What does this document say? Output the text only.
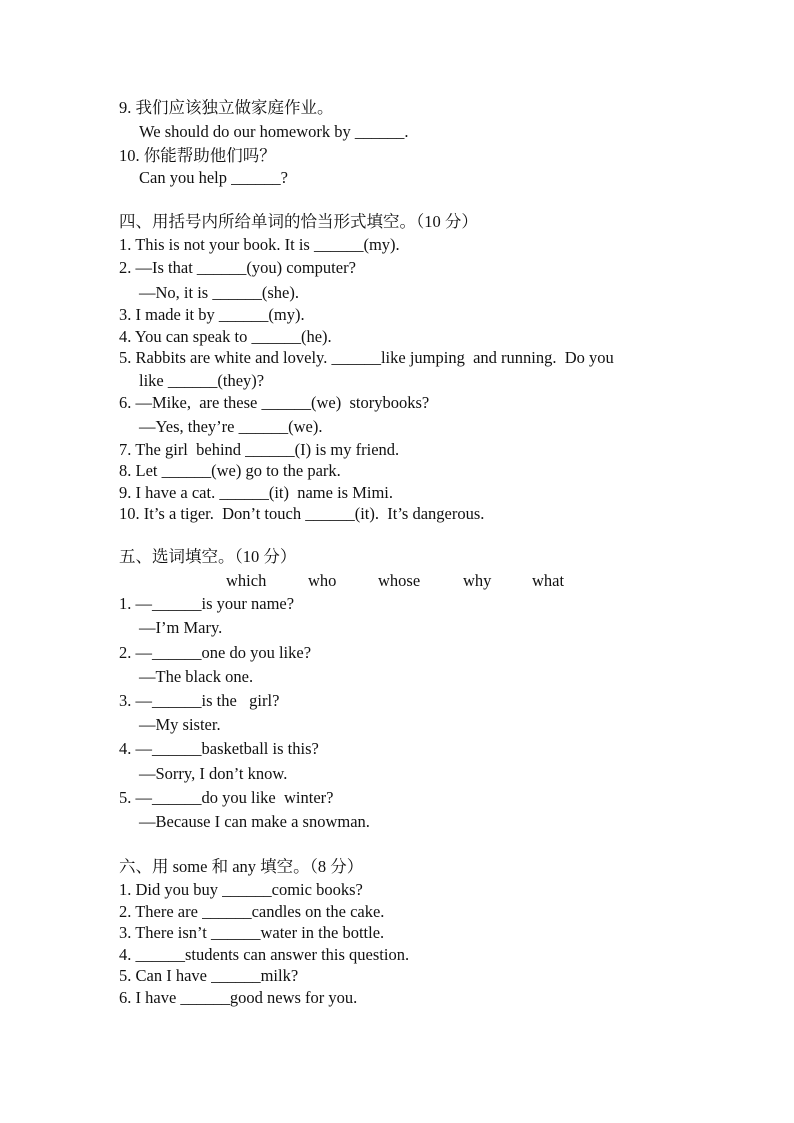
9. 我们应该独立做家庭作业。
We should do our homework by ______.
10. 你能帮助他们吗？
Can you help ______?
四、用括号内所给单词的恰当形式填空。（10 分）
1. This is not your book. It is ______(my).
2. —Is that ______(you) computer?
—No, it is ______(she).
3. I made it by ______(my).
4. You can speak to ______(he).
5. Rabbits are white and lovely. ______like jumping  and running.  Do you
like ______(they)?
6. —Mike,  are these ______(we)  storybooks?
—Yes, they’re ______(we).
7. The girl  behind ______(I) is my friend.
8. Let ______(we) go to the park.
9. I have a cat. ______(it)  name is Mimi.
10. It’s a tiger.  Don’t touch ______(it).  It’s dangerous.
五、选词填空。（10 分）
which	who	whose	why what
1. —______is your name?
—I’m Mary.
2. —______one do you like?
—The black one.
3. —______is the   girl?
—My sister.
4. —______basketball is this?
—Sorry, I don’t know.
5. —______do you like  winter?
—Because I can make a snowman.
六、用 some 和 any 填空。（8 分）
1. Did you buy ______comic books?
2. There are ______candles on the cake.
3. There isn’t ______water in the bottle.
4. ______students can answer this question.
5. Can I have ______milk?
6. I have ______good news for you.
